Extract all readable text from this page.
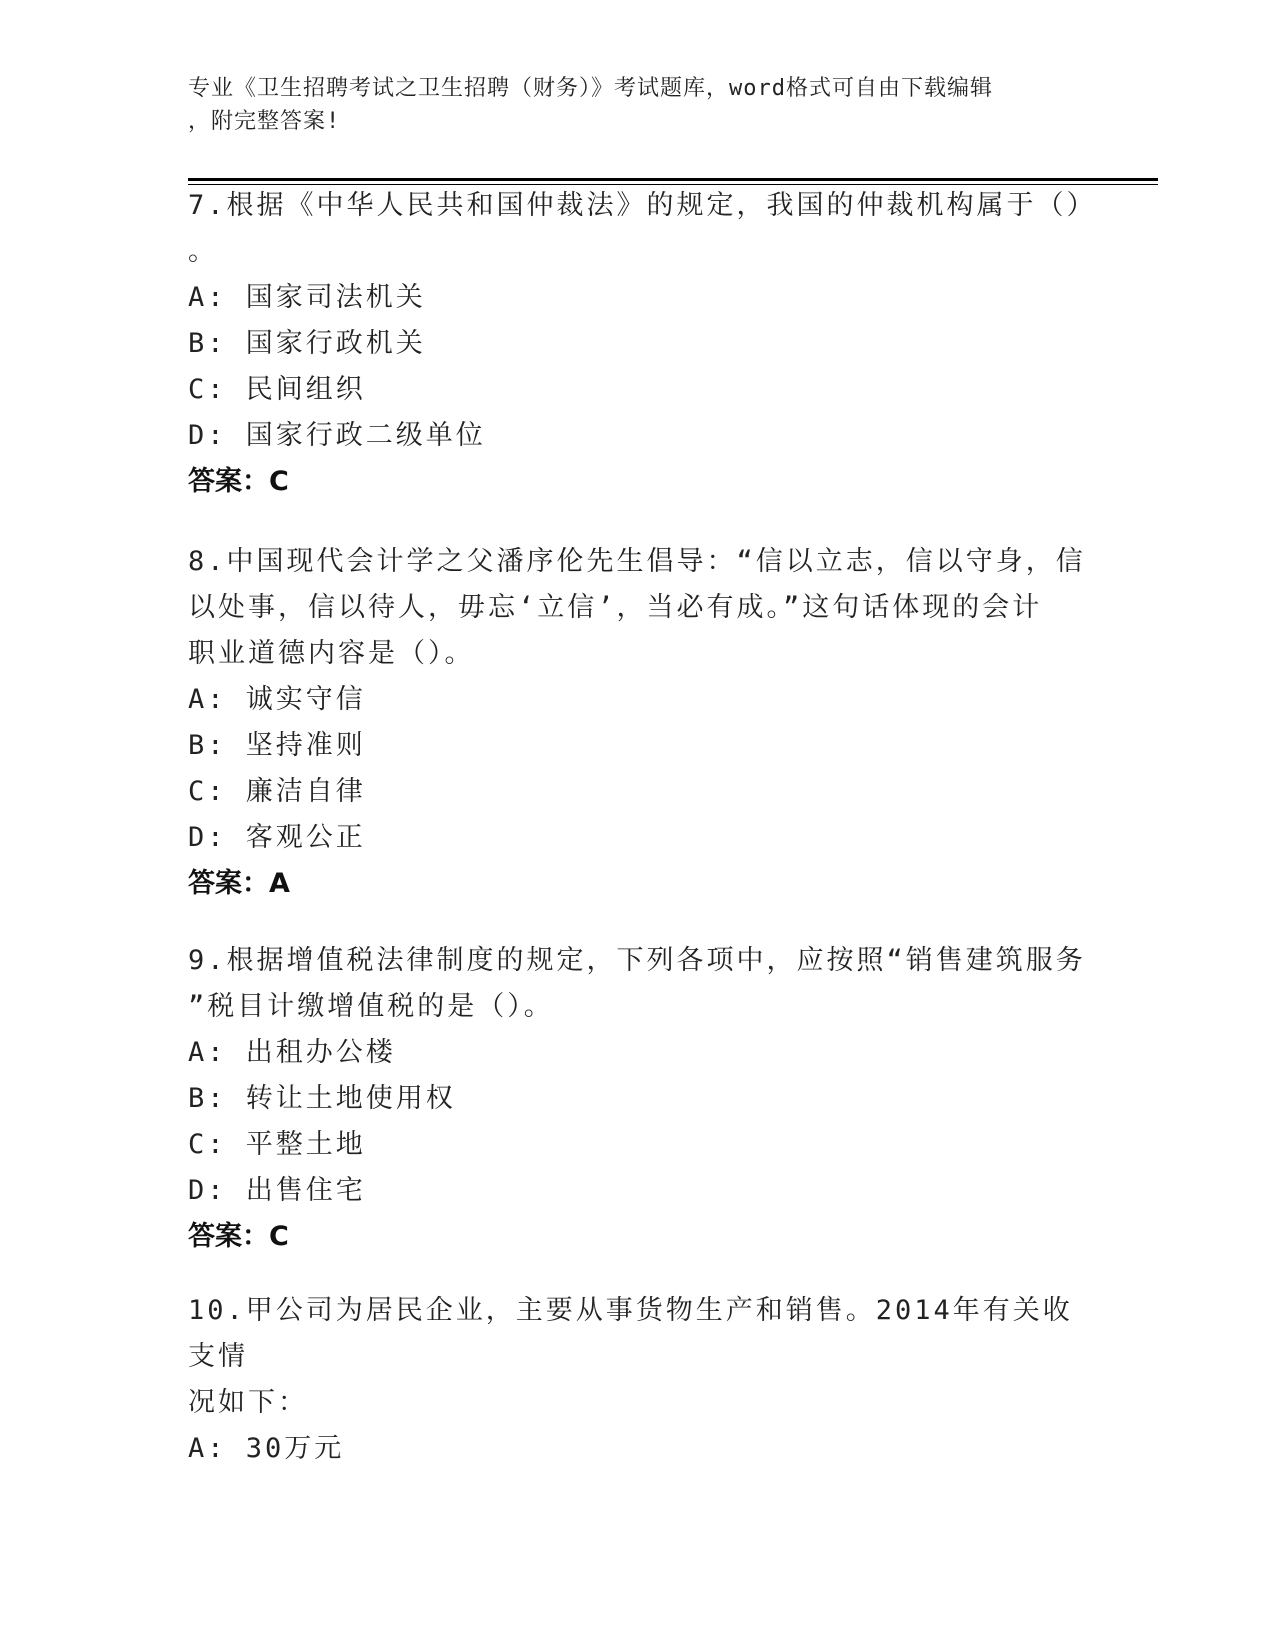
专业《卫生招聘考试之卫生招聘（财务）》考试题库，word格式可自由下载编辑
，附完整答案!

7.根据《中华人民共和国仲裁法》的规定，我国的仲裁机构属于（）

。

A: 国家司法机关

B: 国家行政机关

C: 民间组织

D: 国家行政二级单位

答案：C

8.中国现代会计学之父潘序伦先生倡导：“信以立志，信以守身，信

以处事，信以待人，毋忘‘立信’，当必有成。”这句话体现的会计

职业道德内容是（）。

A: 诚实守信

B: 坚持准则

C: 廉洁自律

D: 客观公正

答案：A

9.根据增值税法律制度的规定，下列各项中，应按照“销售建筑服务

”税目计缴增值税的是（）。

A: 出租办公楼

B: 转让土地使用权

C: 平整土地

D: 出售住宅

答案：C

10.甲公司为居民企业，主要从事货物生产和销售。2014年有关收支情

况如下：

A: 30万元
